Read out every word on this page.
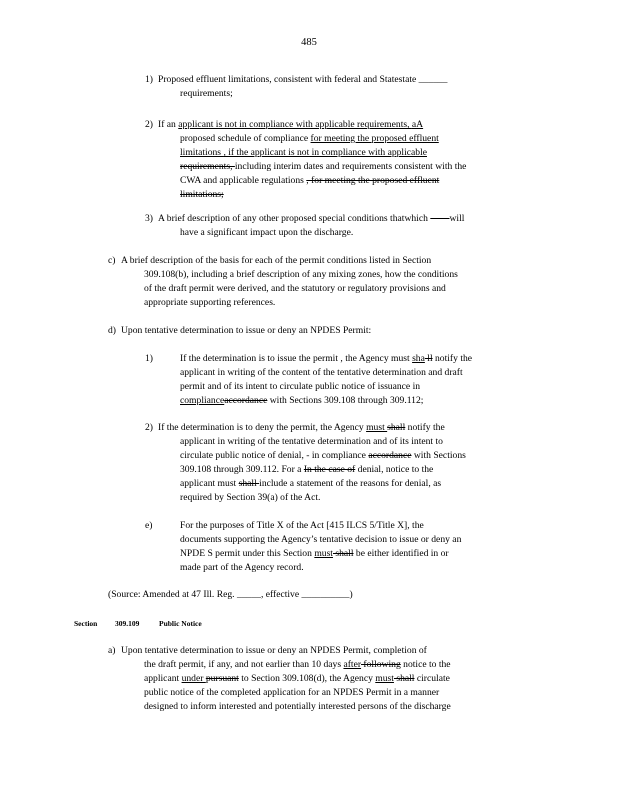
485
1) Proposed effluent limitations, consistent with federal and Statestate ______
requirements;
2) If an applicant is not in compliance with applicable requirements, aA
proposed schedule of compliance for meeting the proposed effluent
limitations , if the applicant is not in compliance with applicable
requirements, including interim dates and requirements consistent with the
CWA and applicable regulations , for meeting the proposed effluent
limitations;
3) A brief description of any other proposed special conditions thatwhich will
have a significant impact upon the discharge.
c) A brief description of the basis for each of the permit conditions listed in Section
309.108(b), including a brief description of any mixing zones, how the conditions
of the draft permit were derived, and the statutory or regulatory provisions and
appropriate supporting references.
d) Upon tentative determination to issue or deny an NPDES Permit:
1)	If the determination is to issue the permit , the Agency must sha ll notify the
applicant in writing of the content of the tentative determination and draft
permit and of its intent to circulate public notice of issuance in
complianceaccordance with Sections 309.108 through 309.112;
2) If the determination is to deny the permit, the Agency must shall notify the
applicant in writing of the tentative determination and of its intent to
circulate public notice of denial, - in compliance accordance with Sections
309.108 through 309.112. For a In the case of denial, notice to the
applicant must shall include a statement of the reasons for denial, as
required by Section 39(a) of the Act.
e)	For the purposes of Title X of the Act [415 ILCS 5/Title X], the
documents supporting the Agency’s tentative decision to issue or deny an
NPDE S permit under this Section must shall be either identified in or
made part of the Agency record.
(Source: Amended at 47 Ill. Reg. _____, effective __________)
Section 309.109	Public Notice
a) Upon tentative determination to issue or deny an NPDES Permit, completion of
the draft permit, if any, and not earlier than 10 days after following notice to the
applicant under pursuant to Section 309.108(d), the Agency must shall circulate
public notice of the completed application for an NPDES Permit in a manner
designed to inform interested and potentially interested persons of the discharge
